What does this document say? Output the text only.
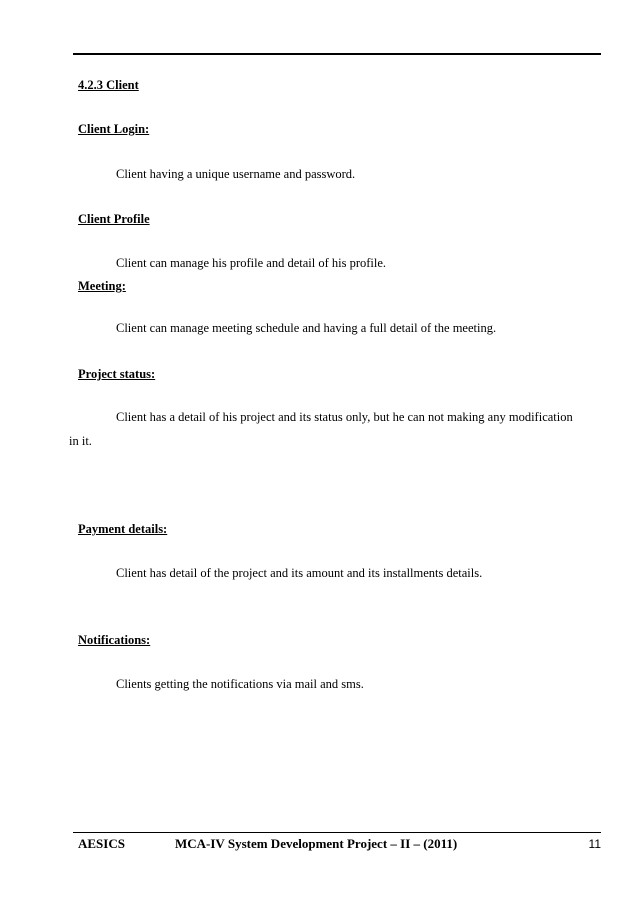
4.2.3 Client
Client Login:
Client having a unique username and password.
Client Profile
Client can manage his profile and detail of his profile.
Meeting:
Client can manage meeting schedule and having a full detail of the meeting.
Project status:
Client has a detail of his project and its status only, but he can not making any modification
in it.
Payment details:
Client has detail of the project and its amount and its installments details.
Notifications:
Clients getting the notifications via mail and sms.
AESICS	MCA-IV System Development Project – II – (2011)	11
